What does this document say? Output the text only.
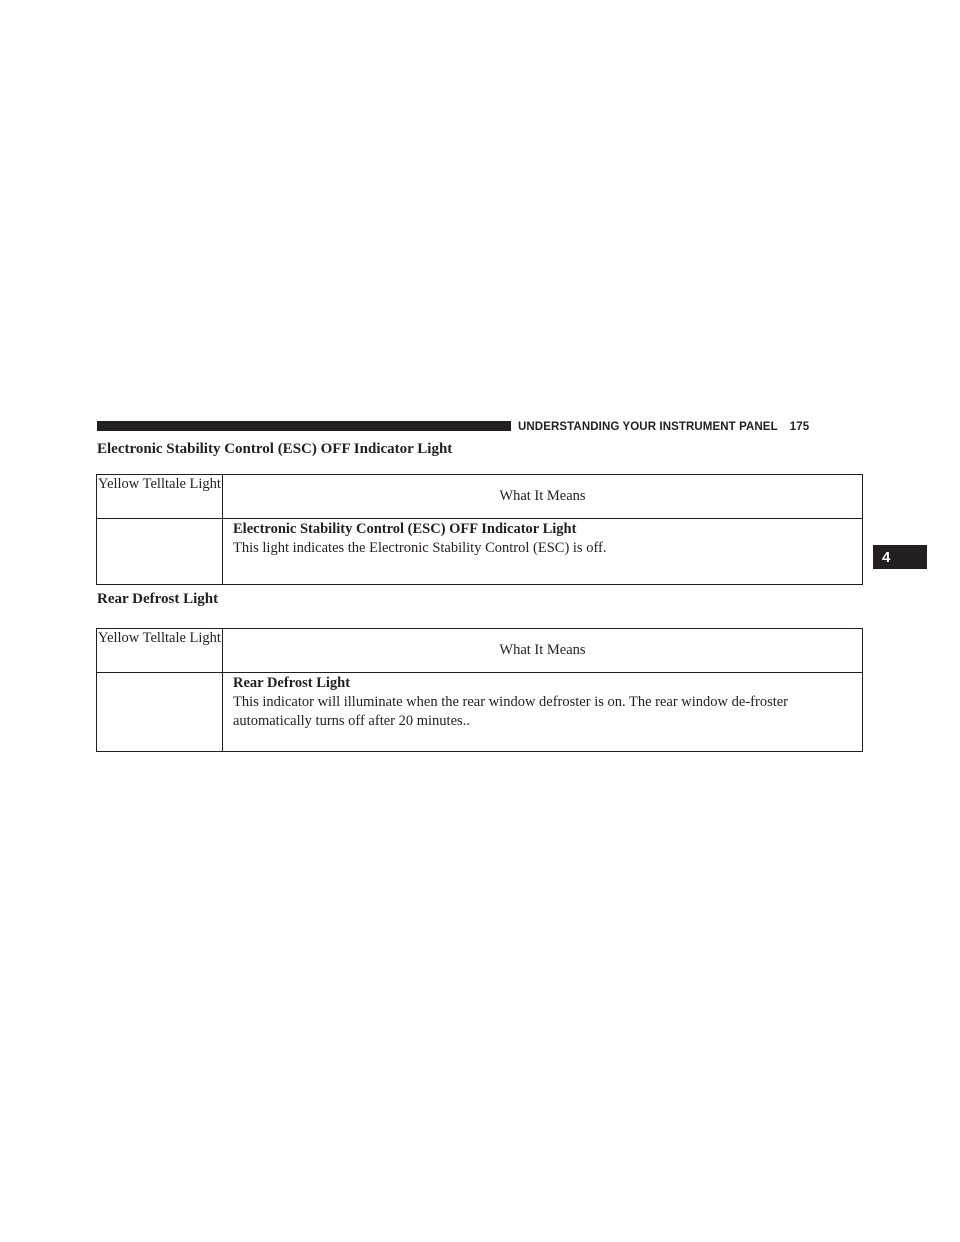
UNDERSTANDING YOUR INSTRUMENT PANEL 175
4
Electronic Stability Control (ESC) OFF Indicator Light
Yellow Telltale Light	What It Means

	Electronic Stability Control (ESC) OFF Indicator Light
This light indicates the Electronic Stability Control (ESC) is off.
Rear Defrost Light
Yellow Telltale Light	What It Means

	Rear Defrost Light
This indicator will illuminate when the rear window defroster is on. The rear window de-froster automatically turns off after 20 minutes..
